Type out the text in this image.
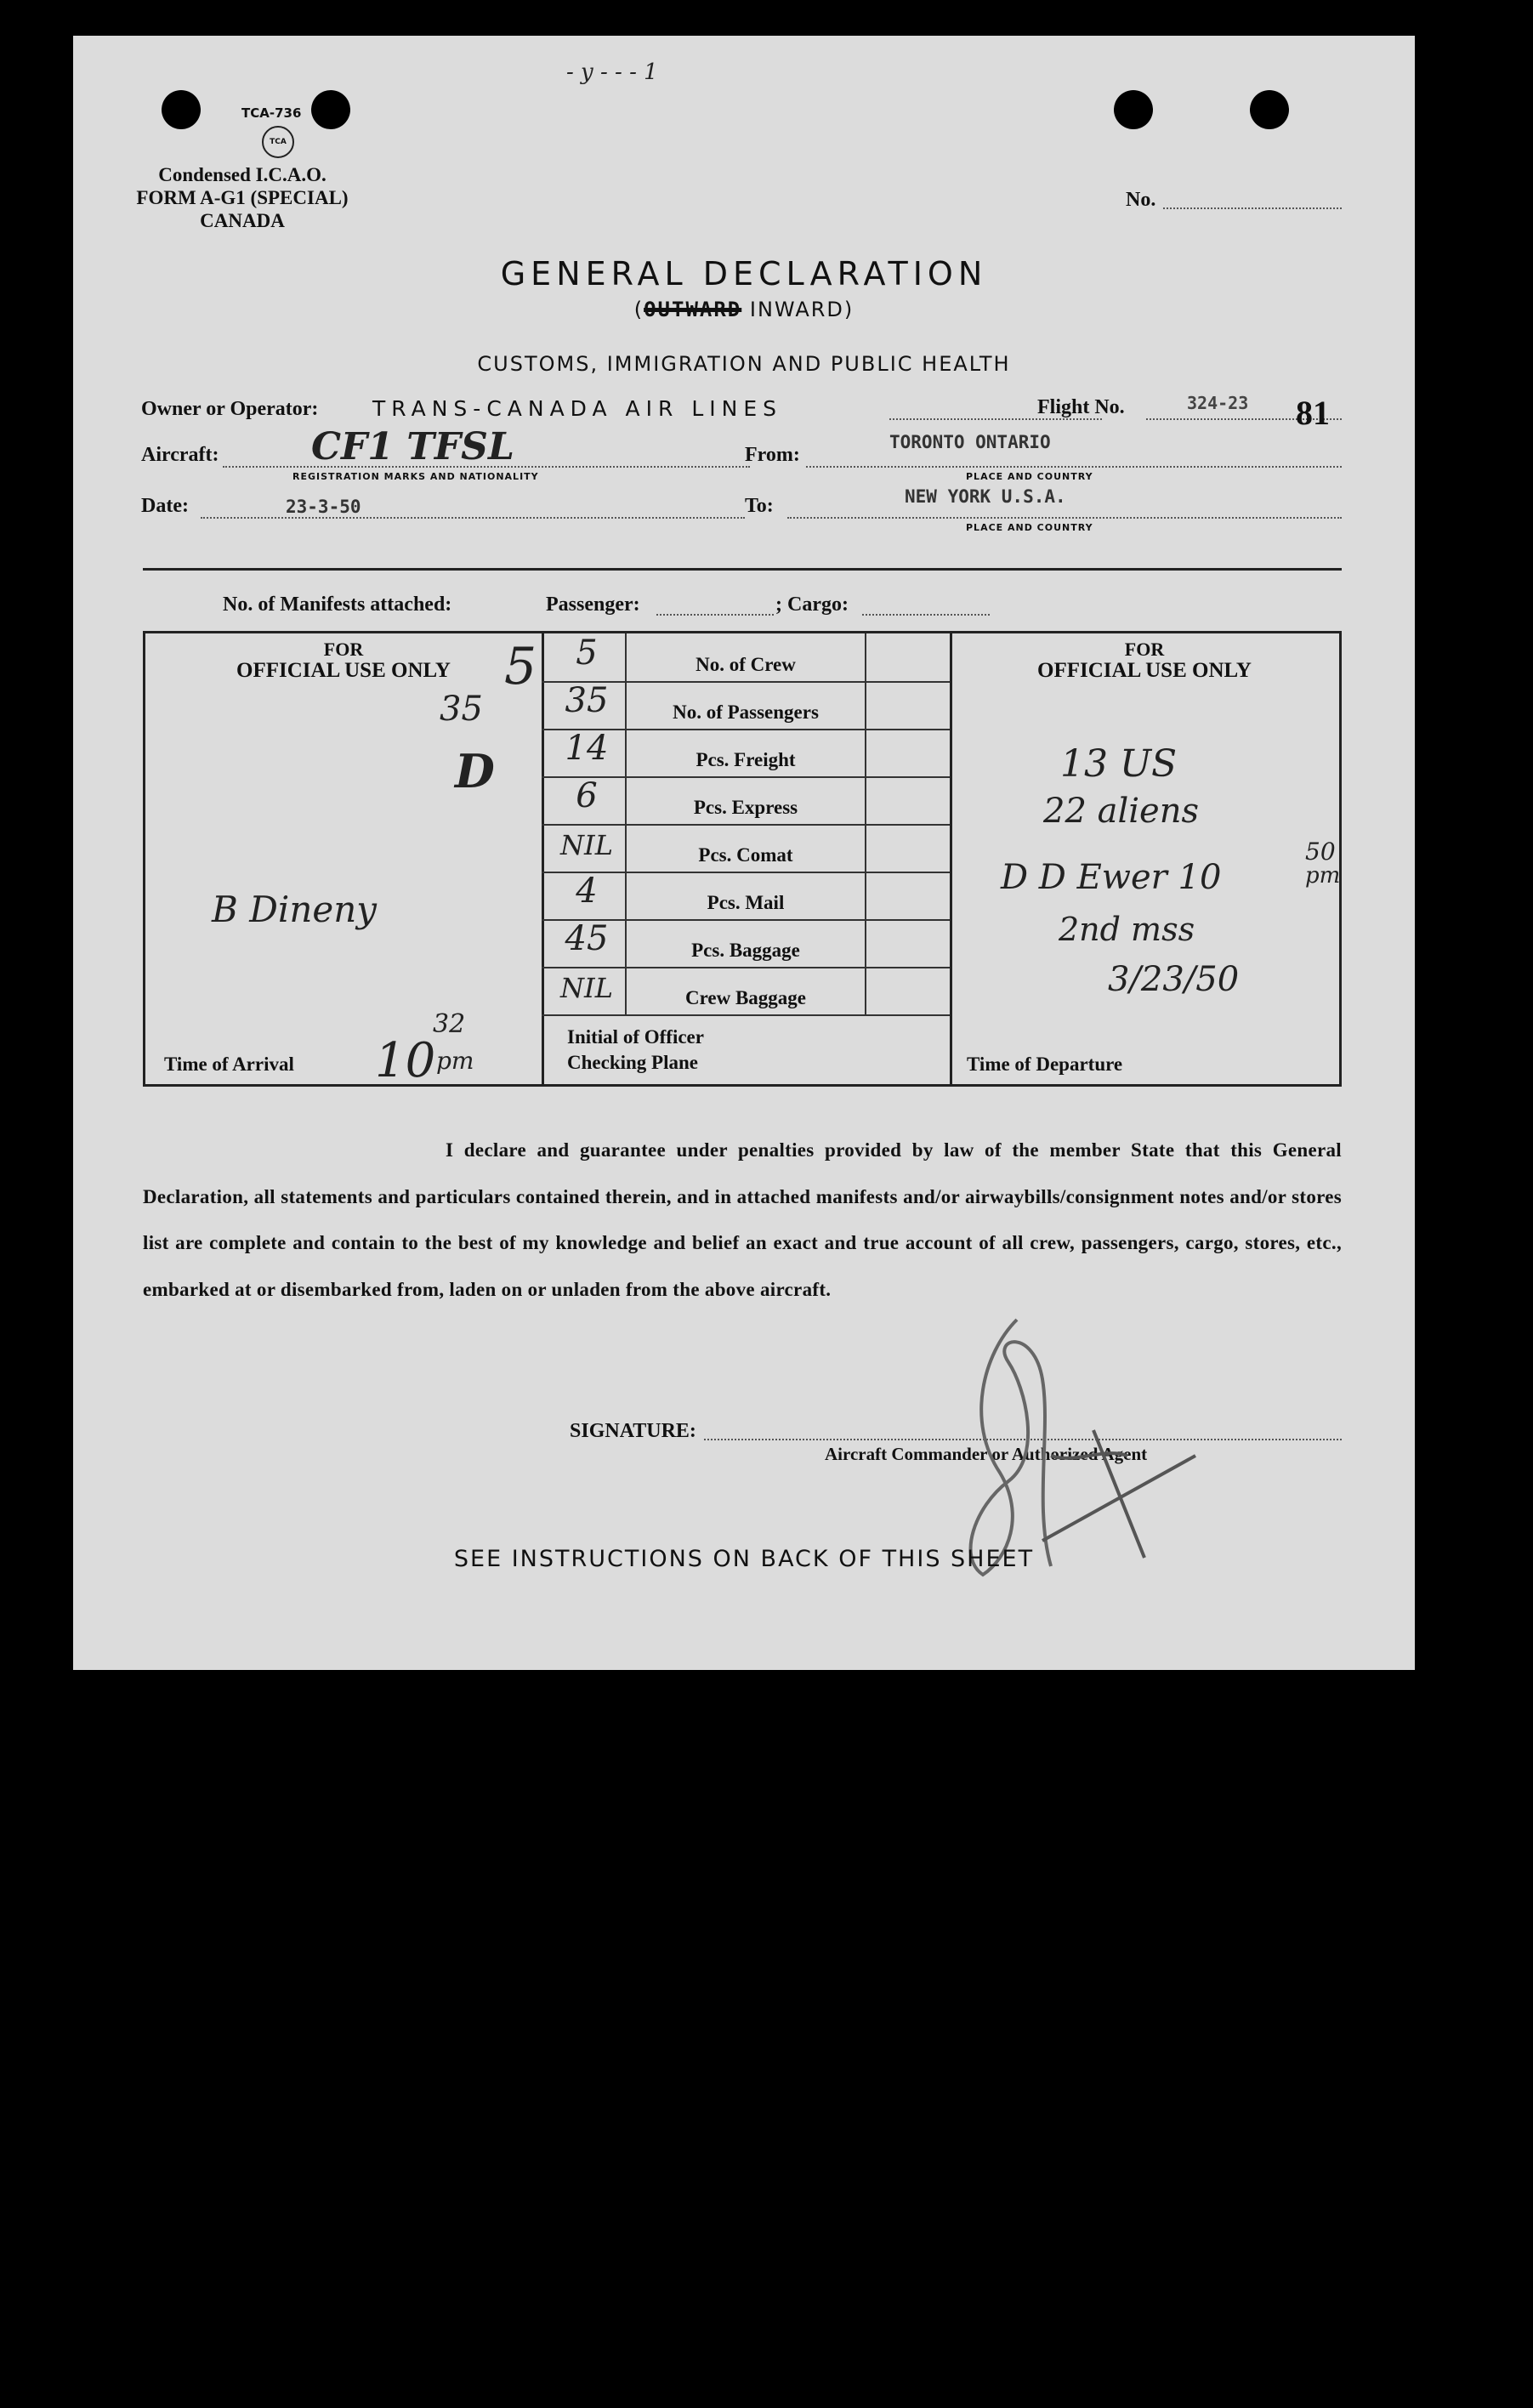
- y - - - 1
TCA-736
TCA
Condensed I.C.A.O.
FORM A-G1 (SPECIAL)
CANADA
No.
GENERAL DECLARATION
(OUTWARD INWARD)
CUSTOMS, IMMIGRATION AND PUBLIC HEALTH
Owner or Operator:	TRANS-CANADA AIR LINES	Flight No.	324-23 81
Aircraft: CF1 TFSL
REGISTRATION MARKS AND NATIONALITY
From:
TORONTO ONTARIO
PLACE AND COUNTRY
Date:	23-3-50	To:	NEW YORK U.S.A.
PLACE AND COUNTRY
No. of Manifests attached:	Passenger:	; Cargo:
FOR
OFFICIAL USE ONLY	5
35
D
B Dineny
Time of Arrival 10
32
pm
5	No. of Crew
35	No. of Passengers
14	Pcs. Freight
6	Pcs. Express
NIL	Pcs. Comat
4	Pcs. Mail
45	Pcs. Baggage
NIL	Crew Baggage
Initial of Officer
Checking Plane
FOR
OFFICIAL USE ONLY
13 US
22 aliens
D D Ewer 10
50
pm
2nd mss
3/23/50
Time of Departure
I declare and guarantee under penalties provided by law of the member State that this General Declaration, all statements and particulars contained therein, and in attached manifests and/or airwaybills/consignment notes and/or stores list are complete and contain to the best of my knowledge and belief an exact and true account of all crew, passengers, cargo, stores, etc., embarked at or disembarked from, laden on or unladen from the above aircraft.
SIGNATURE:
Aircraft Commander or Authorized Agent
SEE INSTRUCTIONS ON BACK OF THIS SHEET
